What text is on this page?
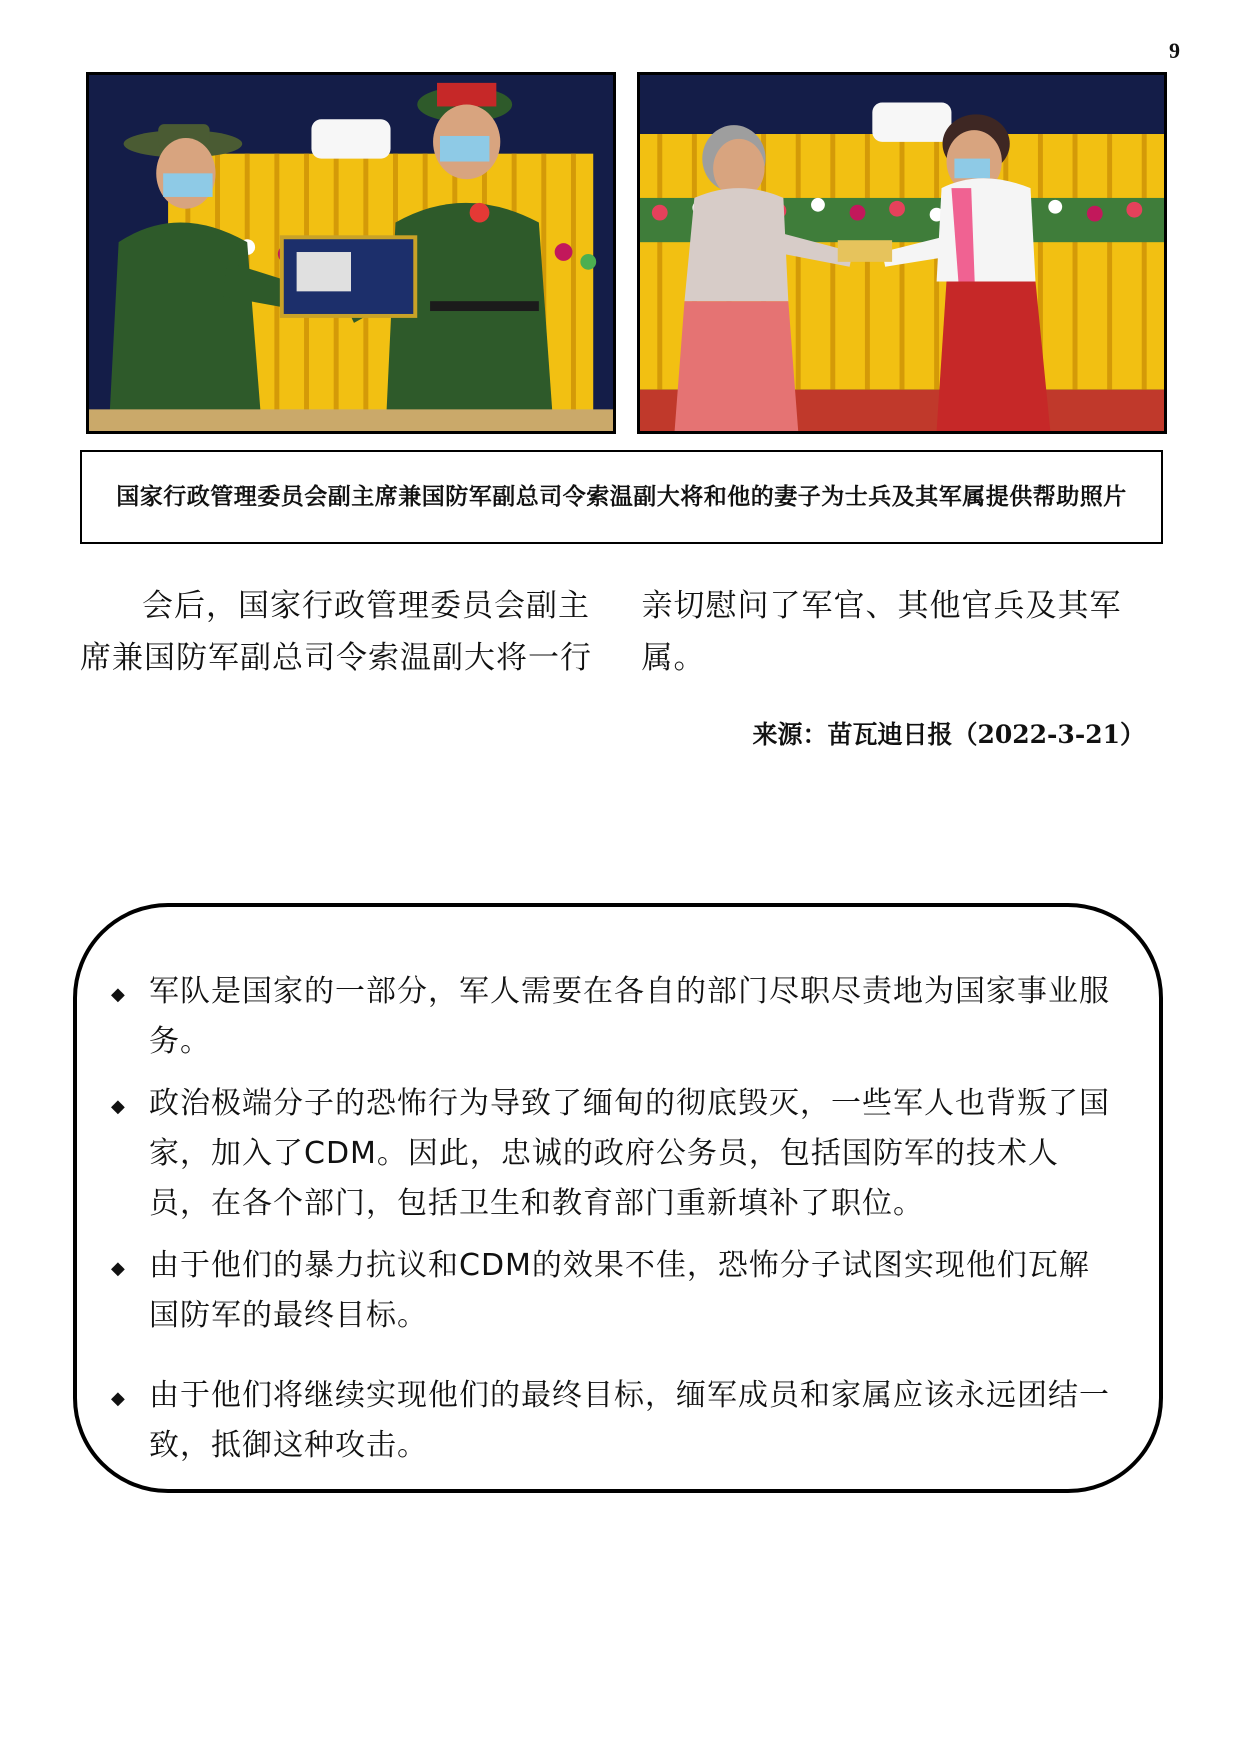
9
国家行政管理委员会副主席兼国防军副总司令索温副大将和他的妻子为士兵及其军属提供帮助照片
会后，国家行政管理委员会副主席兼国防军副总司令索温副大将一行亲切慰问了军官、其他官兵及其军属。
来源：苗瓦迪日报（2022-3-21）
◆ 军队是国家的一部分，军人需要在各自的部门尽职尽责地为国家事业服务。
◆ 政治极端分子的恐怖行为导致了缅甸的彻底毁灭，一些军人也背叛了国家，加入了CDM。因此，忠诚的政府公务员，包括国防军的技术人员，在各个部门，包括卫生和教育部门重新填补了职位。
◆ 由于他们的暴力抗议和CDM的效果不佳，恐怖分子试图实现他们瓦解国防军的最终目标。
◆ 由于他们将继续实现他们的最终目标，缅军成员和家属应该永远团结一致，抵御这种攻击。
